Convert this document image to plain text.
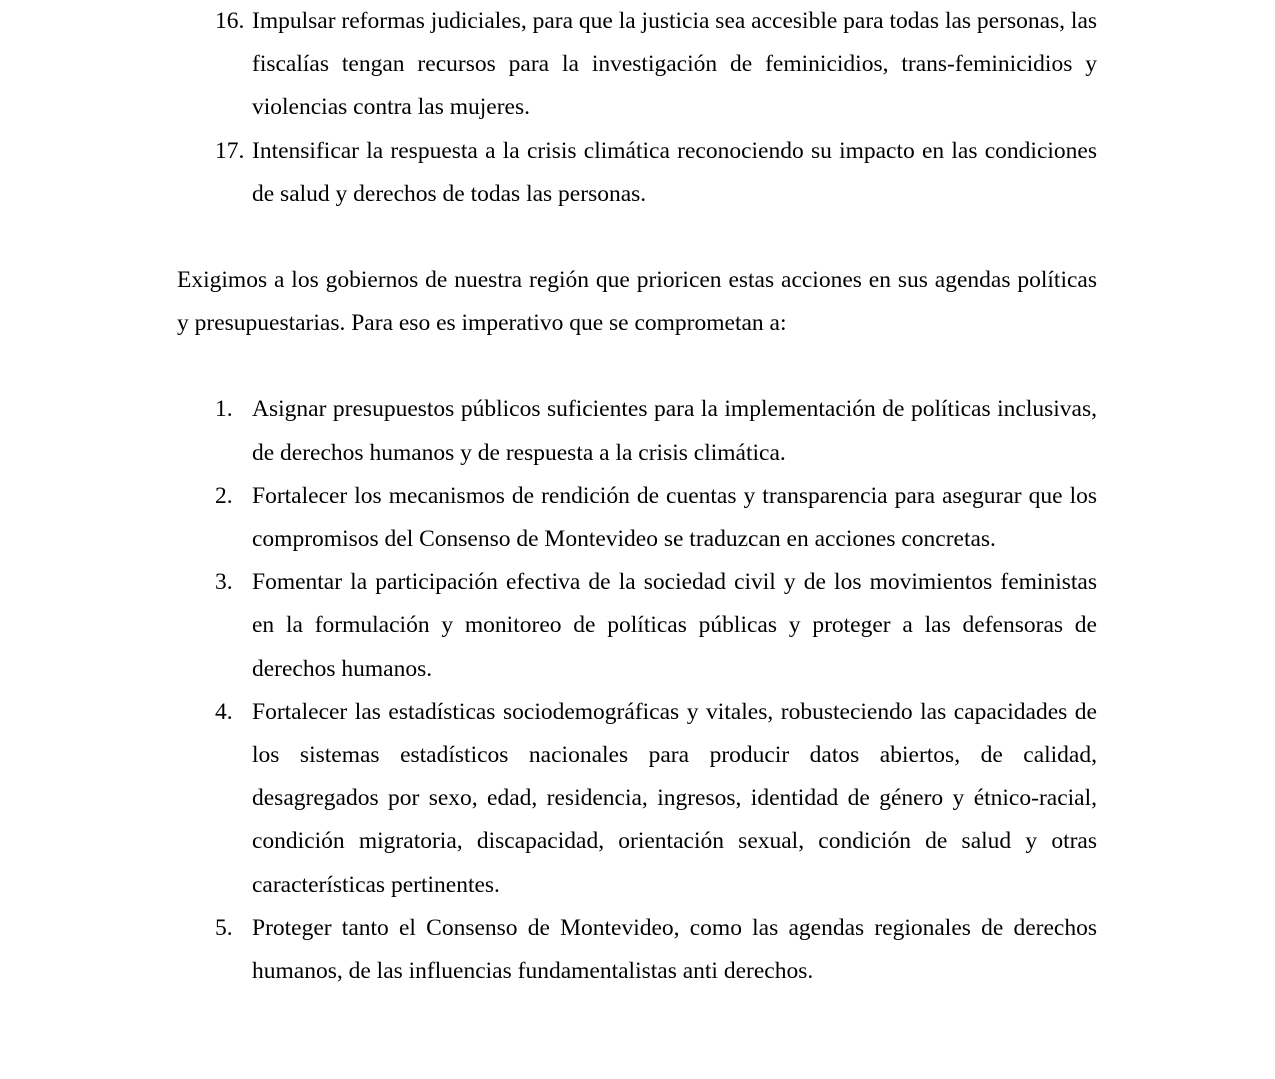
16. Impulsar reformas judiciales, para que la justicia sea accesible para todas las personas, las fiscalías tengan recursos para la investigación de feminicidios, trans-feminicidios y violencias contra las mujeres.
17. Intensificar la respuesta a la crisis climática reconociendo su impacto en las condiciones de salud y derechos de todas las personas.

Exigimos a los gobiernos de nuestra región que prioricen estas acciones en sus agendas políticas y presupuestarias. Para eso es imperativo que se comprometan a:

1. Asignar presupuestos públicos suficientes para la implementación de políticas inclusivas, de derechos humanos y de respuesta a la crisis climática.
2. Fortalecer los mecanismos de rendición de cuentas y transparencia para asegurar que los compromisos del Consenso de Montevideo se traduzcan en acciones concretas.
3. Fomentar la participación efectiva de la sociedad civil y de los movimientos feministas en la formulación y monitoreo de políticas públicas y proteger a las defensoras de derechos humanos.
4. Fortalecer las estadísticas sociodemográficas y vitales, robusteciendo las capacidades de los sistemas estadísticos nacionales para producir datos abiertos, de calidad, desagregados por sexo, edad, residencia, ingresos, identidad de género y étnico-racial, condición migratoria, discapacidad, orientación sexual, condición de salud y otras características pertinentes.
5. Proteger tanto el Consenso de Montevideo, como las agendas regionales de derechos humanos, de las influencias fundamentalistas anti derechos.
